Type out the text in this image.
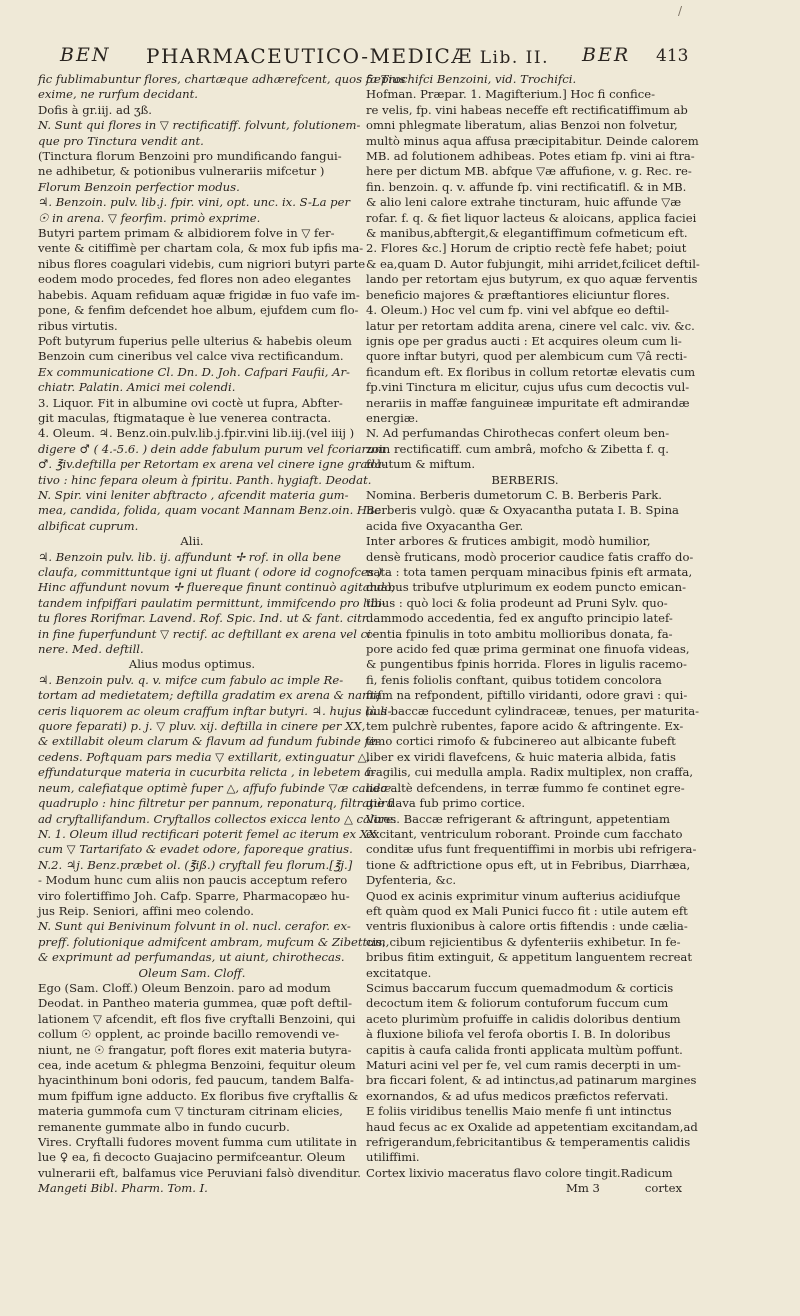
/
BEN PHARMACEUTICO-MEDICÆ Lib. II. BER 413
fic fublimabuntur flores, chartæque adhærefcent, quos fæpius
exime, ne rurfum decidant.
Dofis à gr.iij. ad ʒß.
N. Sunt qui flores in ▽ rectificatiff. folvunt, folutionem-
que pro Tinctura vendit ant.
(Tinctura florum Benzoini pro mundificando fangui-
ne adhibetur, & potionibus vulnerariis mifcetur )
Florum Benzoin perfectior modus.
♃. Benzoin. pulv. lib.j. fpir. vini, opt. unc. ix. S-La per
☉ in arena. ▽ feorfim. primò exprime.
Butyri partem primam & albidiorem folve in ▽ fer-
vente & citiffimè per chartam cola, & mox fub ipfis ma-
nibus flores coagulari videbis, cum nigriori butyri parte
eodem modo procedes, fed flores non adeo elegantes
habebis. Aquam refiduam aquæ frigidæ in fuo vafe im-
pone, & fenfim defcendet hoe album, ejufdem cum flo-
ribus virtutis.
Poft butyrum fuperius pelle ulterius & habebis oleum
Benzoin cum cineribus vel calce viva rectificandum.
Ex communicatione Cl. Dn. D. Joh. Cafpari Faufii, Ar-
chiatr. Palatin. Amici mei colendi.
3. Liquor. Fit in albumine ovi coctè ut fupra, Abfter-
git maculas, ftigmataque è lue venerea contracta.
4. Oleum. ♃. Benz.oin.pulv.lib.j.fpir.vini lib.iij.(vel iiij )
digere ♂ ( 4.-5.6. ) dein adde fabulum purum vel fcoriarum
♂. ℥iv.deftilla per Retortam ex arena vel cinere igne grada-
tivo : hinc fepara oleum à fpiritu. Panth. hygiaft. Deodat.
N. Spir. vini leniter abftracto , afcendit materia gum-
mea, candida, folida, quam vocant Mannam Benz.oin. Hac
albificat cuprum.
Alii.
♃. Benzoin pulv. lib. ij. affundunt ✢ rof. in olla bene
claufa, committuntque igni ut fluant ( odore id cognofces )
Hinc affundunt novum ✢ fluereque finunt continuò agitando;
tandem infpiffari paulatim permittunt, immifcendo pro libi-
tu flores Rorifmar. Lavend. Rof. Spic. Ind. ut & fant. citr.
in fine fuperfundunt ▽ rectif. ac deftillant ex arena vel ci-
nere. Med. deftill.
Alius modus optimus.
♃. Benzoin pulv. q. v. mifce cum fabulo ac imple Re-
tortam ad medietatem; deftilla gradatim ex arena & namif
ceris liquorem ac oleum craffum inftar butyri. ♃. hujus (à li-
quore feparati) p. j. ▽ pluv. xij. deftilla in cinere per XX,
& extillabit oleum clarum & flavum ad fundum fubinde fe-
cedens. Poftquam pars media ▽ extillarit, extinguatur △,
effundaturque materia in cucurbita relicta , in lebetem a-
neum, calefiatque optimè fuper △, affufo fubinde ▽æ calidæ
quadruplo : hinc filtretur per pannum, reponaturq, filtratura
ad cryftallifandum. Cryftallos collectos exicca lento △ calore.
N. 1. Oleum illud rectificari poterit femel ac iterum ex XX
cum ▽ Tartarifato & evadet odore, faporeque gratius.
N.2. ♃j. Benz.præbet ol. (℥iß.) cryftall feu florum.[℥j.]
- Modum hunc cum aliis non paucis acceptum refero
viro folertiffimo Joh. Cafp. Sparre, Pharmacopæo hu-
jus Reip. Seniori, affini meo colendo.
N. Sunt qui Benivinum folvunt in ol. nucl. cerafor. ex-
preff. folutionique admifcent ambram, mufcum & Zibettum,
& exprimunt ad perfumandas, ut aiunt, chirothecas.
Oleum Sam. Cloff.
Ego (Sam. Cloff.) Oleum Benzoin. paro ad modum
Deodat. in Pantheo materia gummea, quæ poft deftil-
lationem ▽ afcendit, eft flos five cryftalli Benzoini, qui
collum ☉ opplent, ac proinde bacillo removendi ve-
niunt, ne ☉ frangatur, poft flores exit materia butyra-
cea, inde acetum & phlegma Benzoini, fequitur oleum
hyacinthinum boni odoris, fed paucum, tandem Balfa-
mum fpiffum igne adducto. Ex floribus five cryftallis &
materia gummofa cum ▽ tincturam citrinam elicies,
remanente gummate albo in fundo cucurb.
Vires. Cryftalli fudores movent fumma cum utilitate in
lue ♀ ea, fi decocto Guajacino permifceantur. Oleum
vulnerarii eft, balfamus vice Peruviani falsò divenditur.
Mangeti Bibl. Pharm. Tom. I.
5. Trochifci Benzoini, vid. Trochifci.
Hofman. Præpar. 1. Magifterium.] Hoc fi confice-
re velis, fp. vini habeas neceffe eft rectificatiffimum ab
omni phlegmate liberatum, alias Benzoi non folvetur,
multò minus aqua affusa præcipitabitur. Deinde calorem
MB. ad folutionem adhibeas. Potes etiam fp. vini ai ftra-
here per dictum MB. abfque ▽æ affufione, v. g. Rec. re-
fin. benzoin. q. v. affunde fp. vini rectificatifl. & in MB.
& alio leni calore extrahe tincturam, huic affunde ▽æ
rofar. f. q. & fiet liquor lacteus & aloicans, applica faciei
& manibus,abftergit,& elegantiffimum cofmeticum eft.
2. Flores &c.] Horum de criptio rectè fefe habet; poiut
& ea,quam D. Autor fubjungit, mihi arridet,fcilicet deftil-
lando per retortam ejus butyrum, ex quo aquæ ferventis
beneficio majores & præftantiores eliciuntur flores.
4. Oleum.) Hoc vel cum fp. vini vel abfque eo deftil-
latur per retortam addita arena, cinere vel calc. viv. &c.
ignis ope per gradus aucti : Et acquires oleum cum li-
quore inftar butyri, quod per alembicum cum ▽â recti-
ficandum eft. Ex floribus in collum retortæ elevatis cum
fp.vini Tinctura m elicitur, cujus ufus cum decoctis vul-
nerariis in maffæ fanguineæ impuritate eft admirandæ
energiæ.
N. Ad perfumandas Chirothecas confert oleum ben-
zoin rectificatiff. cum ambrâ, mofcho & Zibetta f. q.
folutum & miftum.
BERBERIS.
Nomina. Berberis dumetorum C. B. Berberis Park.
Berberis vulgò. quæ & Oxyacantha putata I. B. Spina
acida five Oxyacantha Ger.
Inter arbores & frutices ambigit, modò humilior,
densè fruticans, modò procerior caudice fatis craffo do-
nata : tota tamen perquam minacibus fpinis eft armata,
duabus tribufve utplurimum ex eodem puncto emican-
tibus : quò loci & folia prodeunt ad Pruni Sylv. quo-
dammodo accedentia, fed ex angufto principio latef-
centia fpinulis in toto ambitu mollioribus donata, fa-
pore acido fed quæ prima germinat one finuofa videas,
& pungentibus fpinis horrida. Flores in ligulis racemo-
fi, fenis foliolis conftant, quibus totidem concolora
ftam na refpondent, piftillo viridanti, odore gravi : qui-
bus baccæ fuccedunt cylindraceæ, tenues, per maturita-
tem pulchrè rubentes, fapore acido & aftringente. Ex-
timo cortici rimofo & fubcinereo aut albicante fubeft
liber ex viridi flavefcens, & huic materia albida, fatis
fragilis, cui medulla ampla. Radix multiplex, non craffa,
nec altè defcendens, in terræ fummo fe continet egre-
giè flava fub primo cortice.
Vires. Baccæ refrigerant & aftringunt, appetentiam
excitant, ventriculum roborant. Proinde cum facchato
conditæ ufus funt frequentiffimi in morbis ubi refrigera-
tione & adftrictione opus eft, ut in Febribus, Diarrhæa,
Dyfenteria, &c.
Quod ex acinis exprimitur vinum aufterius acidiufque
eft quàm quod ex Mali Punici fucco fit : utile autem eft
ventris fluxionibus à calore ortis fiftendis : unde cælia-
cis, cibum rejicientibus & dyfenteriis exhibetur. In fe-
bribus fitim extinguit, & appetitum languentem recreat
excitatque.
Scimus baccarum fuccum quemadmodum & corticis
decoctum item & foliorum contuforum fuccum cum
aceto plurimùm profuiffe in calidis doloribus dentium
à fluxione biliofa vel ferofa obortis I. B. In doloribus
capitis à caufa calida fronti applicata multùm poffunt.
Maturi acini vel per fe, vel cum ramis decerpti in um-
bra ficcari folent, & ad intinctus,ad patinarum margines
exornandos, & ad ufus medicos præfictos refervati.
E foliis viridibus tenellis Maio menfe fi unt intinctus
haud fecus ac ex Oxalide ad appetentiam excitandam,ad
refrigerandum,febricitantibus & temperamentis calidis
utiliffimi.
Cortex lixivio maceratus flavo colore tingit.Radicum
Mm 3	cortex
